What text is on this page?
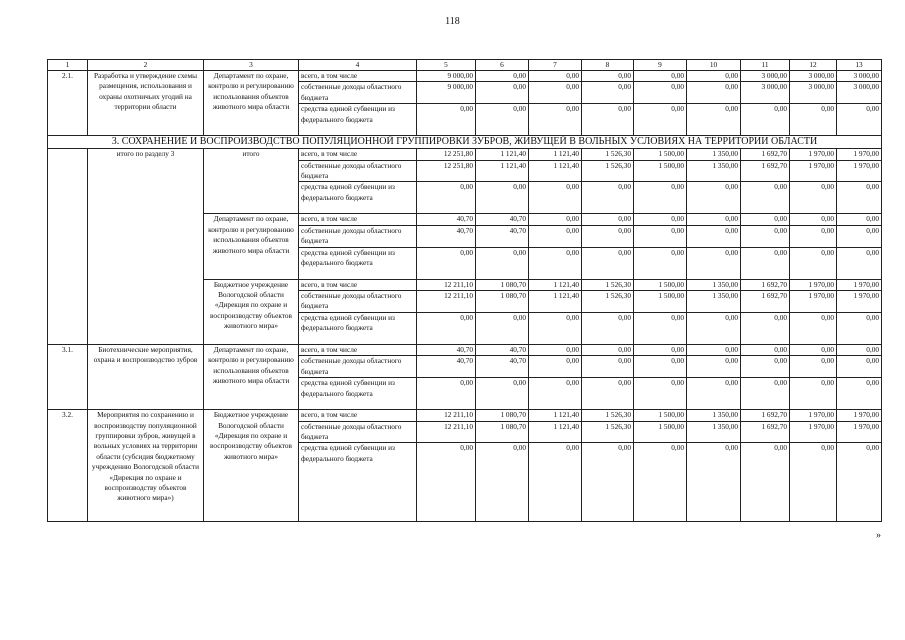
118
1	2	3	4	5	6	7	8	9	10	11	12	13
2.1.	Разработка и утверждение схемы размещения, использования и охраны охотничьих угодий на территории области	Департамент по охране, контролю и регулированию использования объектов животного мира области	всего, в том числе	9 000,00	0,00	0,00	0,00	0,00	0,00	3 000,00	3 000,00	3 000,00
			собственные доходы областного бюджета	9 000,00	0,00	0,00	0,00	0,00	0,00	3 000,00	3 000,00	3 000,00
			средства единой субвенции из федерального бюджета	0,00	0,00	0,00	0,00	0,00	0,00	0,00	0,00	0,00
3. СОХРАНЕНИЕ И ВОСПРОИЗВОДСТВО ПОПУЛЯЦИОННОЙ ГРУППИРОВКИ ЗУБРОВ, ЖИВУЩЕЙ В ВОЛЬНЫХ УСЛОВИЯХ НА ТЕРРИТОРИИ ОБЛАСТИ												
	итого по разделу 3	итого	всего, в том числе	12 251,80	1 121,40	1 121,40	1 526,30	1 500,00	1 350,00	1 692,70	1 970,00	1 970,00
			собственные доходы областного бюджета	12 251,80	1 121,40	1 121,40	1 526,30	1 500,00	1 350,00	1 692,70	1 970,00	1 970,00
			средства единой субвенции из федерального бюджета	0,00	0,00	0,00	0,00	0,00	0,00	0,00	0,00	0,00
		Департамент по охране, контролю и регулированию использования объектов животного мира области	всего, в том числе	40,70	40,70	0,00	0,00	0,00	0,00	0,00	0,00	0,00
			собственные доходы областного бюджета	40,70	40,70	0,00	0,00	0,00	0,00	0,00	0,00	0,00
			средства единой субвенции из федерального бюджета	0,00	0,00	0,00	0,00	0,00	0,00	0,00	0,00	0,00
		Бюджетное учреждение Вологодской области «Дирекция по охране и воспроизводству объектов животного мира»	всего, в том числе	12 211,10	1 080,70	1 121,40	1 526,30	1 500,00	1 350,00	1 692,70	1 970,00	1 970,00
			собственные доходы областного бюджета	12 211,10	1 080,70	1 121,40	1 526,30	1 500,00	1 350,00	1 692,70	1 970,00	1 970,00
			средства единой субвенции из федерального бюджета	0,00	0,00	0,00	0,00	0,00	0,00	0,00	0,00	0,00
3.1.	Биотехнические мероприятия, охрана и воспроизводство зубров	Департамент по охране, контролю и регулированию использования объектов животного мира области	всего, в том числе	40,70	40,70	0,00	0,00	0,00	0,00	0,00	0,00	0,00
			собственные доходы областного бюджета	40,70	40,70	0,00	0,00	0,00	0,00	0,00	0,00	0,00
			средства единой субвенции из федерального бюджета	0,00	0,00	0,00	0,00	0,00	0,00	0,00	0,00	0,00
3.2.	Мероприятия по сохранению и воспроизводству популяционной группировки зубров, живущей в вольных условиях на территории области (субсидия бюджетному учреждению Вологодской области «Дирекция по охране и воспроизводству объектов животного мира»)	Бюджетное учреждение Вологодской области «Дирекция по охране и воспроизводству объектов животного мира»	всего, в том числе	12 211,10	1 080,70	1 121,40	1 526,30	1 500,00	1 350,00	1 692,70	1 970,00	1 970,00
			собственные доходы областного бюджета	12 211,10	1 080,70	1 121,40	1 526,30	1 500,00	1 350,00	1 692,70	1 970,00	1 970,00
			средства единой субвенции из федерального бюджета	0,00	0,00	0,00	0,00	0,00	0,00	0,00	0,00	0,00
»
